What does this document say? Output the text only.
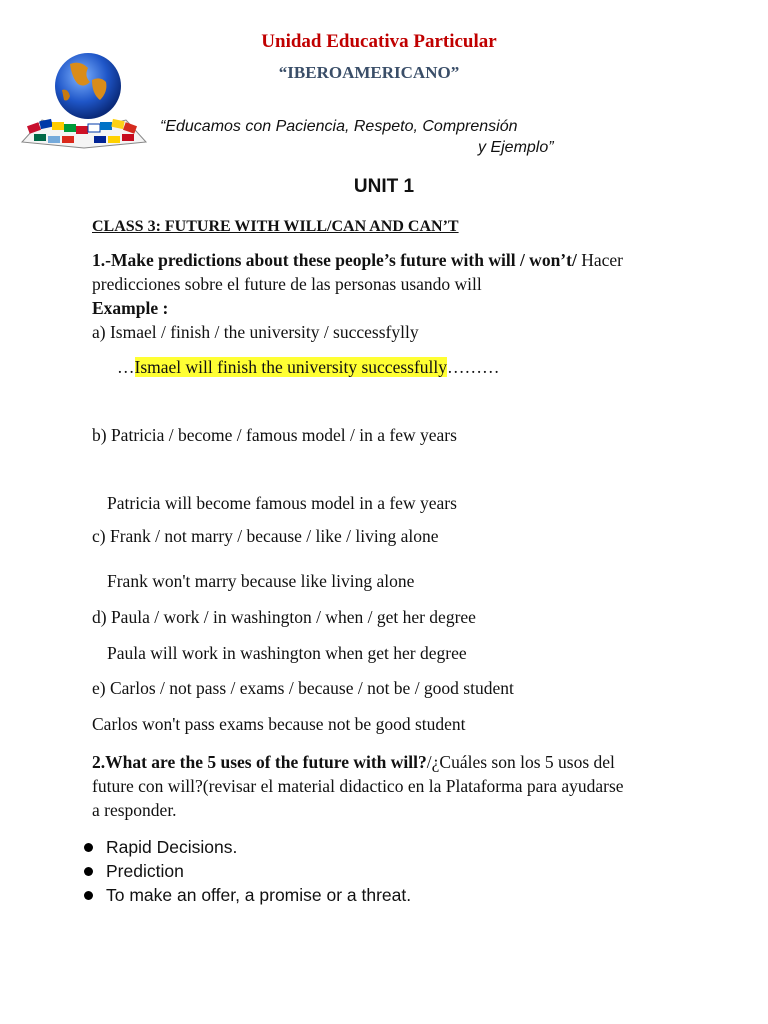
Unidad Educativa Particular
“IBEROAMERICANO”
“Educamos con Paciencia, Respeto, Comprensión
y Ejemplo”
UNIT 1
CLASS 3: FUTURE WITH WILL/CAN AND CAN’T
1.-Make predictions about these people’s future with will / won’t/ Hacer
predicciones sobre el future de las personas usando will
Example :
a) Ismael / finish / the university / successfylly
…Ismael will finish the university successfully………
b) Patricia / become / famous model / in a few years
Patricia will become famous model in a few years
c) Frank / not marry / because / like / living alone
Frank won't marry because like living alone
d) Paula / work / in washington / when / get her degree
Paula will work in washington when get her degree
e) Carlos / not pass / exams / because / not be / good student
Carlos won't pass exams because not be good student
2.What are the 5 uses of the future with will?/¿Cuáles son los 5 usos del
future con will?(revisar el material didactico en la Plataforma para ayudarse
a responder.
Rapid Decisions.
Prediction
To make an offer, a promise or a threat.
